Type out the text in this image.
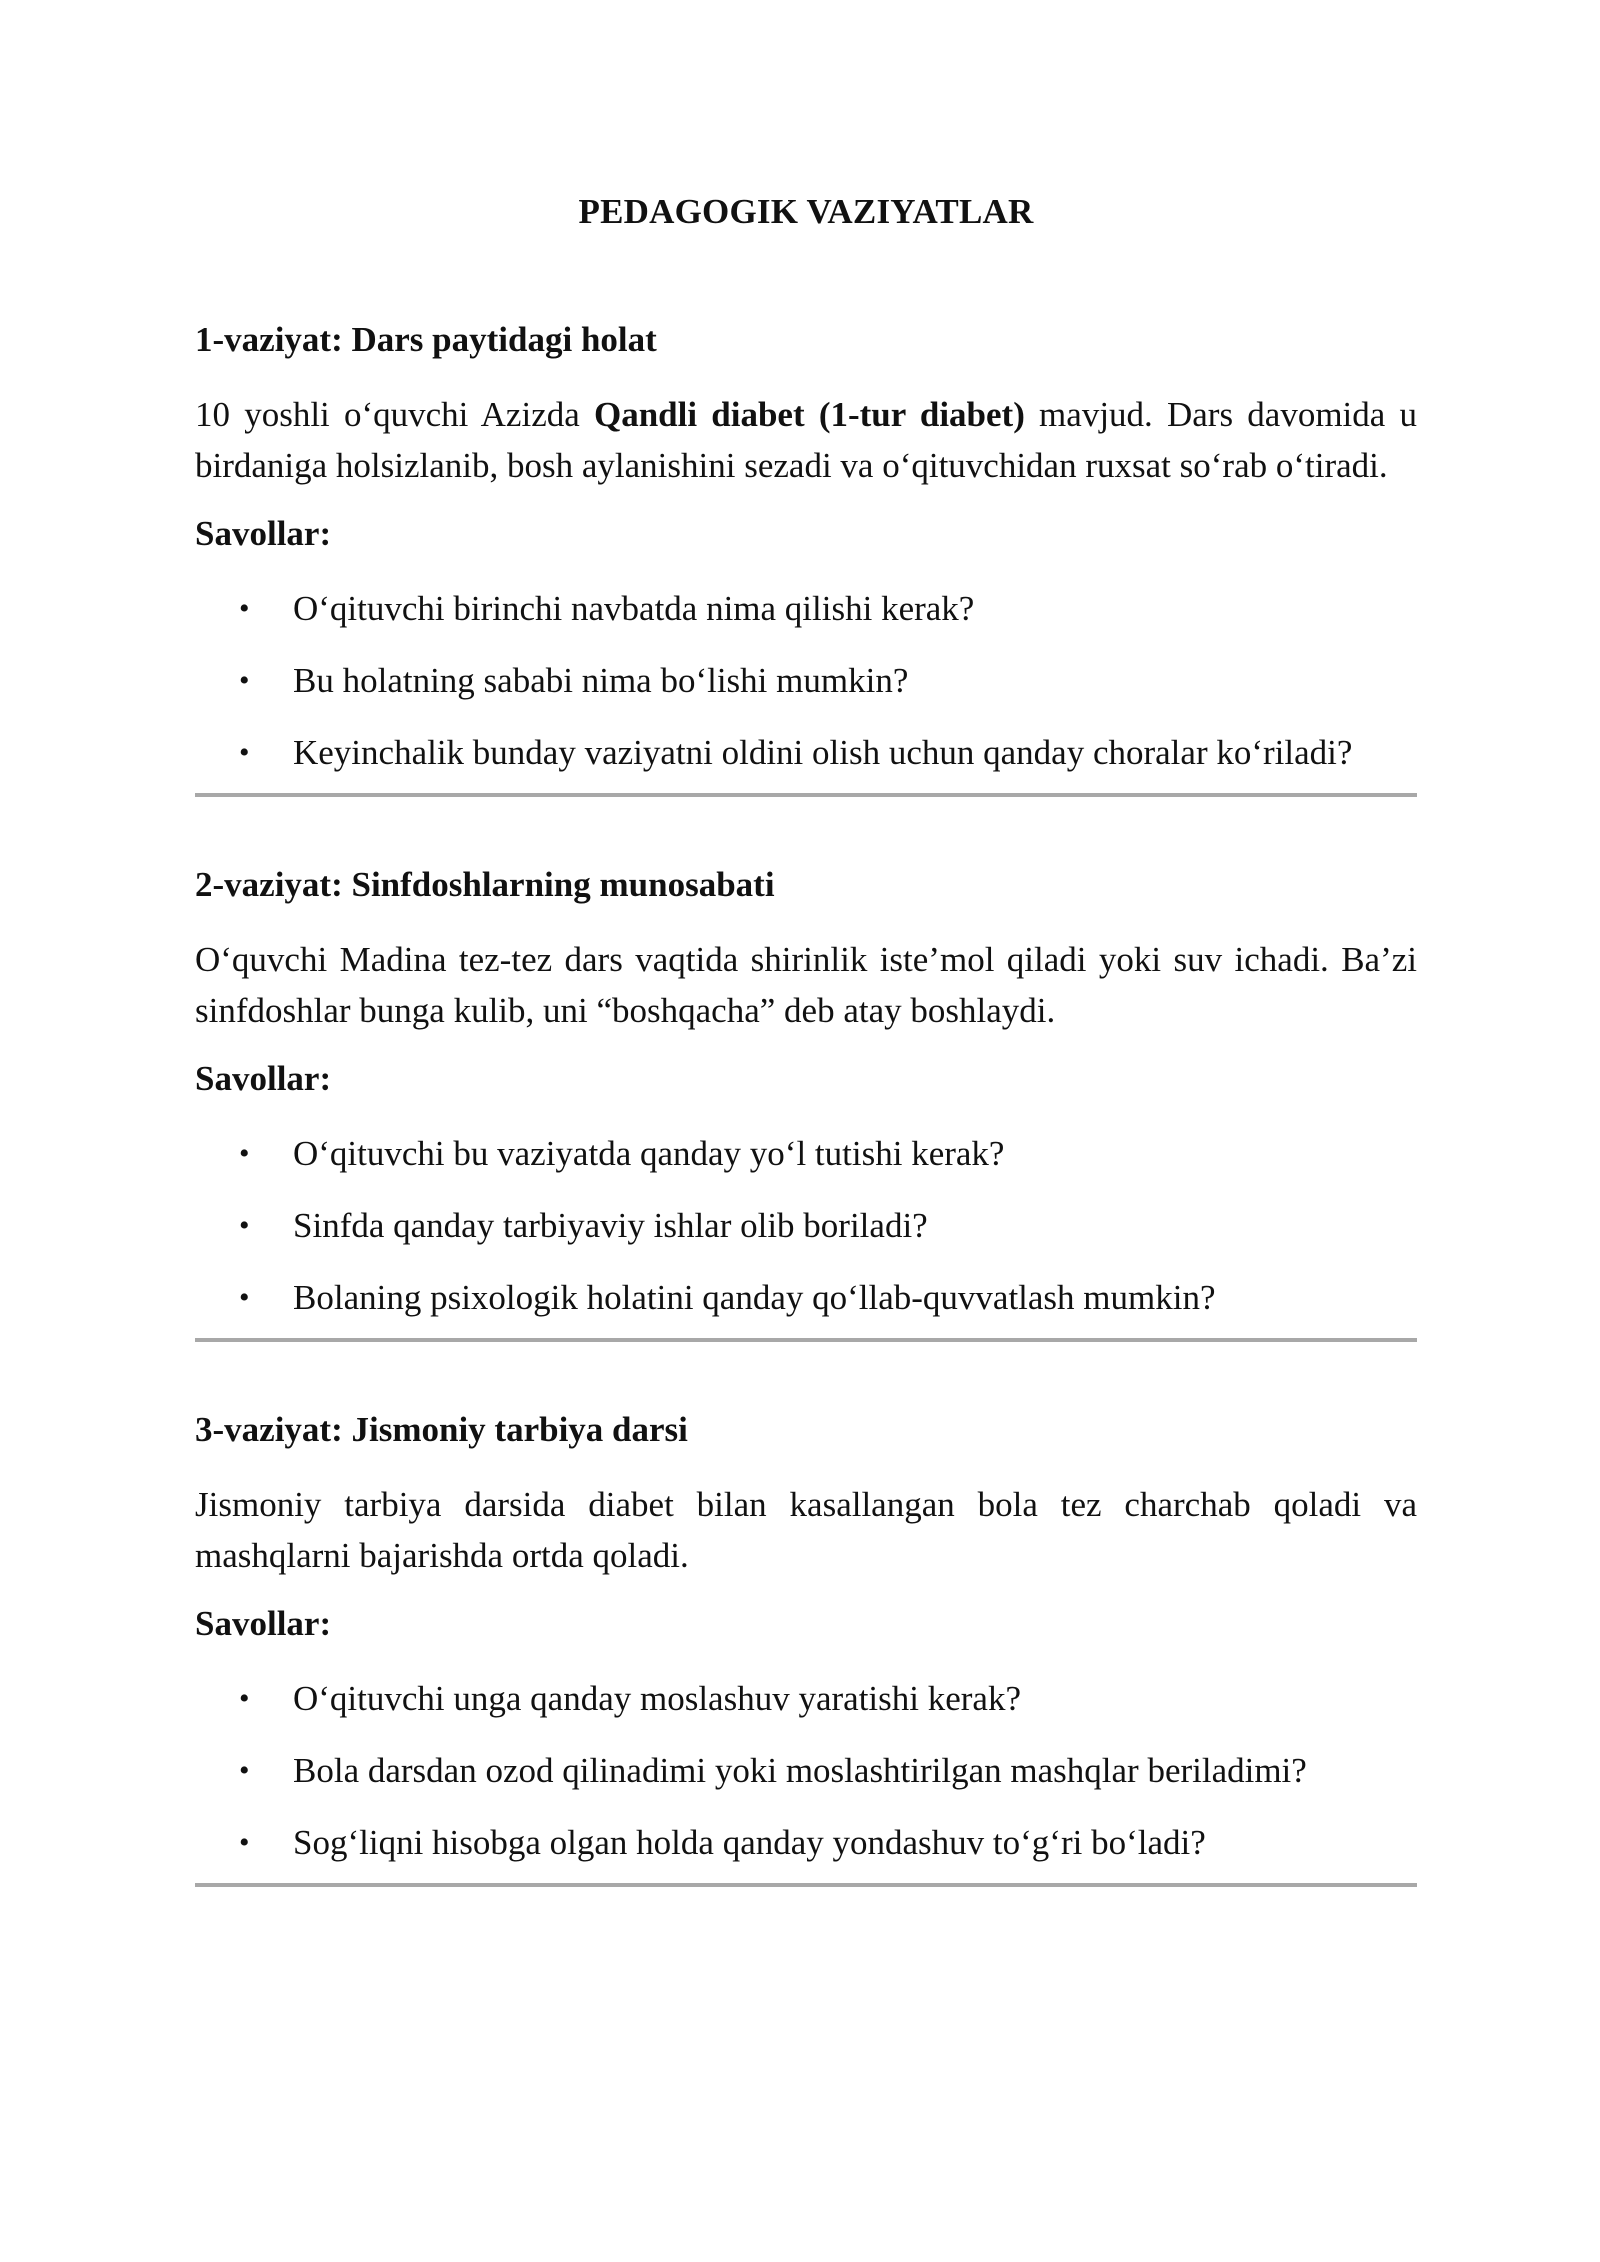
PEDAGOGIK VAZIYATLAR
1-vaziyat: Dars paytidagi holat

10 yoshli o‘quvchi Azizda Qandli diabet (1-tur diabet) mavjud. Dars davomida u birdaniga holsizlanib, bosh aylanishini sezadi va o‘qituvchidan ruxsat so‘rab o‘tiradi.

Savollar:
• O‘qituvchi birinchi navbatda nima qilishi kerak?
• Bu holatning sababi nima bo‘lishi mumkin?
• Keyinchalik bunday vaziyatni oldini olish uchun qanday choralar ko‘riladi?
2-vaziyat: Sinfdoshlarning munosabati

O‘quvchi Madina tez-tez dars vaqtida shirinlik iste’mol qiladi yoki suv ichadi. Ba’zi sinfdoshlar bunga kulib, uni “boshqacha” deb atay boshlaydi.

Savollar:
• O‘qituvchi bu vaziyatda qanday yo‘l tutishi kerak?
• Sinfda qanday tarbiyaviy ishlar olib boriladi?
• Bolaning psixologik holatini qanday qo‘llab-quvvatlash mumkin?
3-vaziyat: Jismoniy tarbiya darsi

Jismoniy tarbiya darsida diabet bilan kasallangan bola tez charchab qoladi va mashqlarni bajarishda ortda qoladi.

Savollar:
• O‘qituvchi unga qanday moslashuv yaratishi kerak?
• Bola darsdan ozod qilinadimi yoki moslashtirilgan mashqlar beriladimi?
• Sog‘liqni hisobga olgan holda qanday yondashuv to‘g‘ri bo‘ladi?
